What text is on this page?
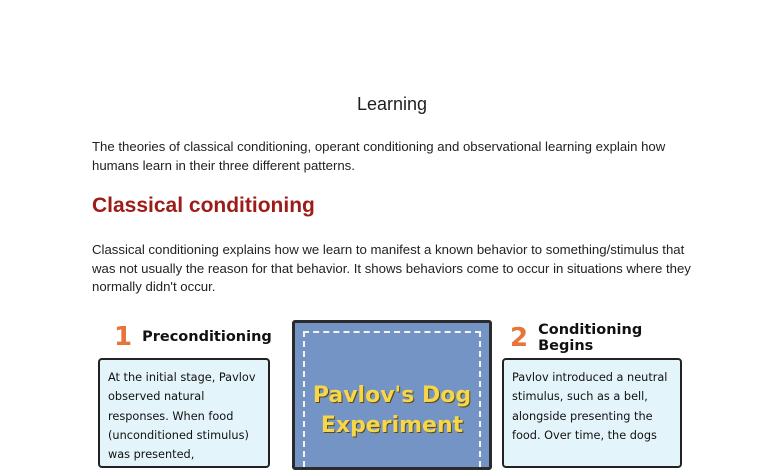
Learning
The theories of classical conditioning, operant conditioning and observational learning explain how humans learn in their three different patterns.
Classical conditioning
Classical conditioning explains how we learn to manifest a known behavior to something/stimulus that was not usually the reason for that behavior. It shows behaviors come to occur in situations where they normally didn't occur.
1 Preconditioning
At the initial stage, Pavlov observed natural responses. When food (unconditioned stimulus) was presented,
Pavlov's Dog
Experiment
2 Conditioning Begins
Pavlov introduced a neutral stimulus, such as a bell, alongside presenting the food. Over time, the dogs
